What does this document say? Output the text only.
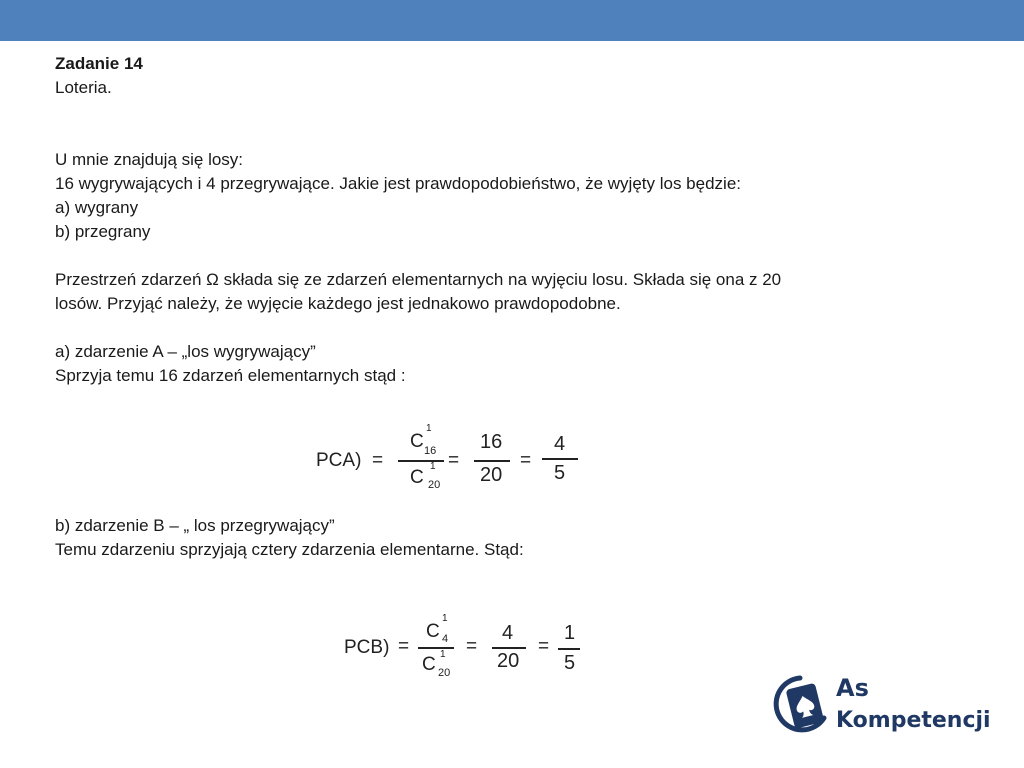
Zadanie 14
Loteria.
U mnie znajdują się losy:
16 wygrywających i 4 przegrywające. Jakie jest prawdopodobieństwo, że wyjęty los będzie:
a) wygrany
b) przegrany
Przestrzeń zdarzeń Ω składa się ze zdarzeń elementarnych na wyjęciu losu. Składa się ona z 20
losów. Przyjąć należy, że wyjęcie każdego jest jednakowo prawdopodobne.
a) zdarzenie A – „los wygrywający”
Sprzyja temu 16 zdarzeń elementarnych stąd :
PCA) =
C
1
16
C
1
20
=
16
20
=
4
5
b) zdarzenie B – „ los przegrywający”
Temu zdarzeniu sprzyjają cztery zdarzenia elementarne. Stąd:
PCB) =
C
1
4
C 1
20
=
4
20
=
1
5
As
Kompetencji
